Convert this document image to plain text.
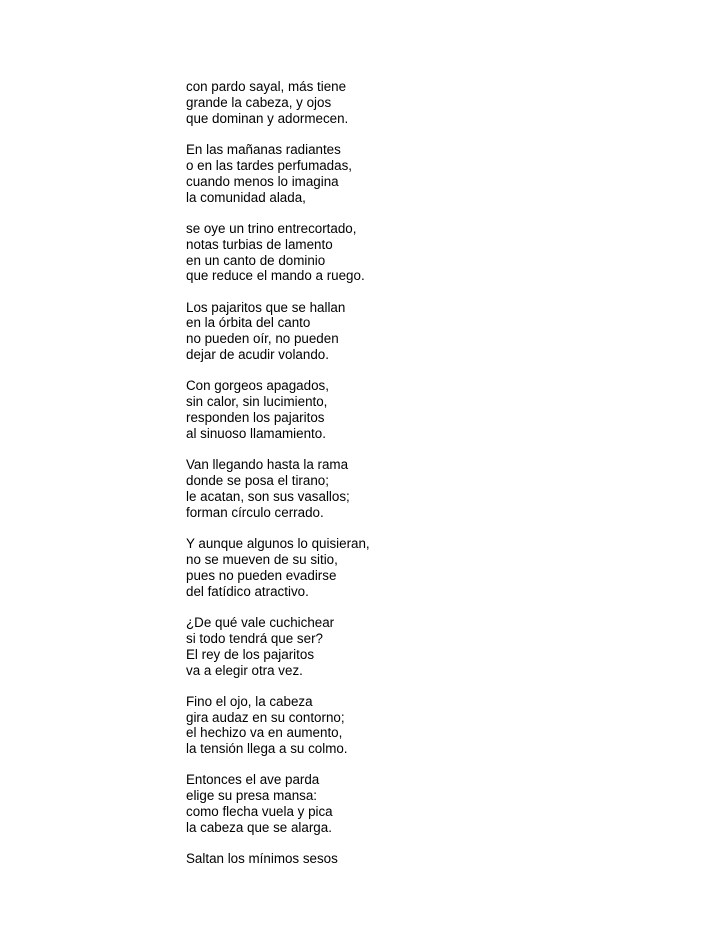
con pardo sayal, más tiene
grande la cabeza, y ojos
que dominan y adormecen.
En las mañanas radiantes
o en las tardes perfumadas,
cuando menos lo imagina
la comunidad alada,
se oye un trino entrecortado,
notas turbias de lamento
en un canto de dominio
que reduce el mando a ruego.
Los pajaritos que se hallan
en la órbita del canto
no pueden oír, no pueden
dejar de acudir volando.
Con gorgeos apagados,
sin calor, sin lucimiento,
responden los pajaritos
al sinuoso llamamiento.
Van llegando hasta la rama
donde se posa el tirano;
le acatan, son sus vasallos;
forman círculo cerrado.
Y aunque algunos lo quisieran,
no se mueven de su sitio,
pues no pueden evadirse
del fatídico atractivo.
¿De qué vale cuchichear
si todo tendrá que ser?
El rey de los pajaritos
va a elegir otra vez.
Fino el ojo, la cabeza
gira audaz en su contorno;
el hechizo va en aumento,
la tensión llega a su colmo.
Entonces el ave parda
elige su presa mansa:
como flecha vuela y pica
la cabeza que se alarga.
Saltan los mínimos sesos
